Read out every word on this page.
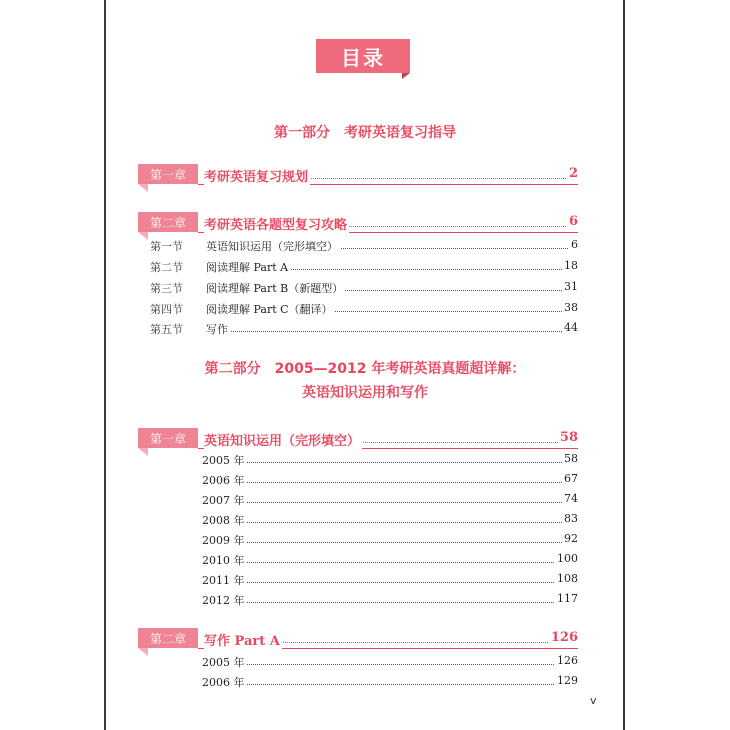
目录
第一部分　考研英语复习指导
第一章	考研英语复习规划	2
第二章	考研英语各题型复习攻略	6
第一节 英语知识运用（完形填空）	6
第二节 阅读理解 Part A	18
第三节 阅读理解 Part B（新题型）	31
第四节 阅读理解 Part C（翻译）	38
第五节 写作	44
第二部分　2005—2012 年考研英语真题超详解：
英语知识运用和写作
第一章	英语知识运用（完形填空）	58
2005 年	58
2006 年	67
2007 年	74
2008 年	83
2009 年	92
2010 年	100
2011 年	108
2012 年	117
第二章	写作 Part A	126
2005 年	126
2006 年	129
v
